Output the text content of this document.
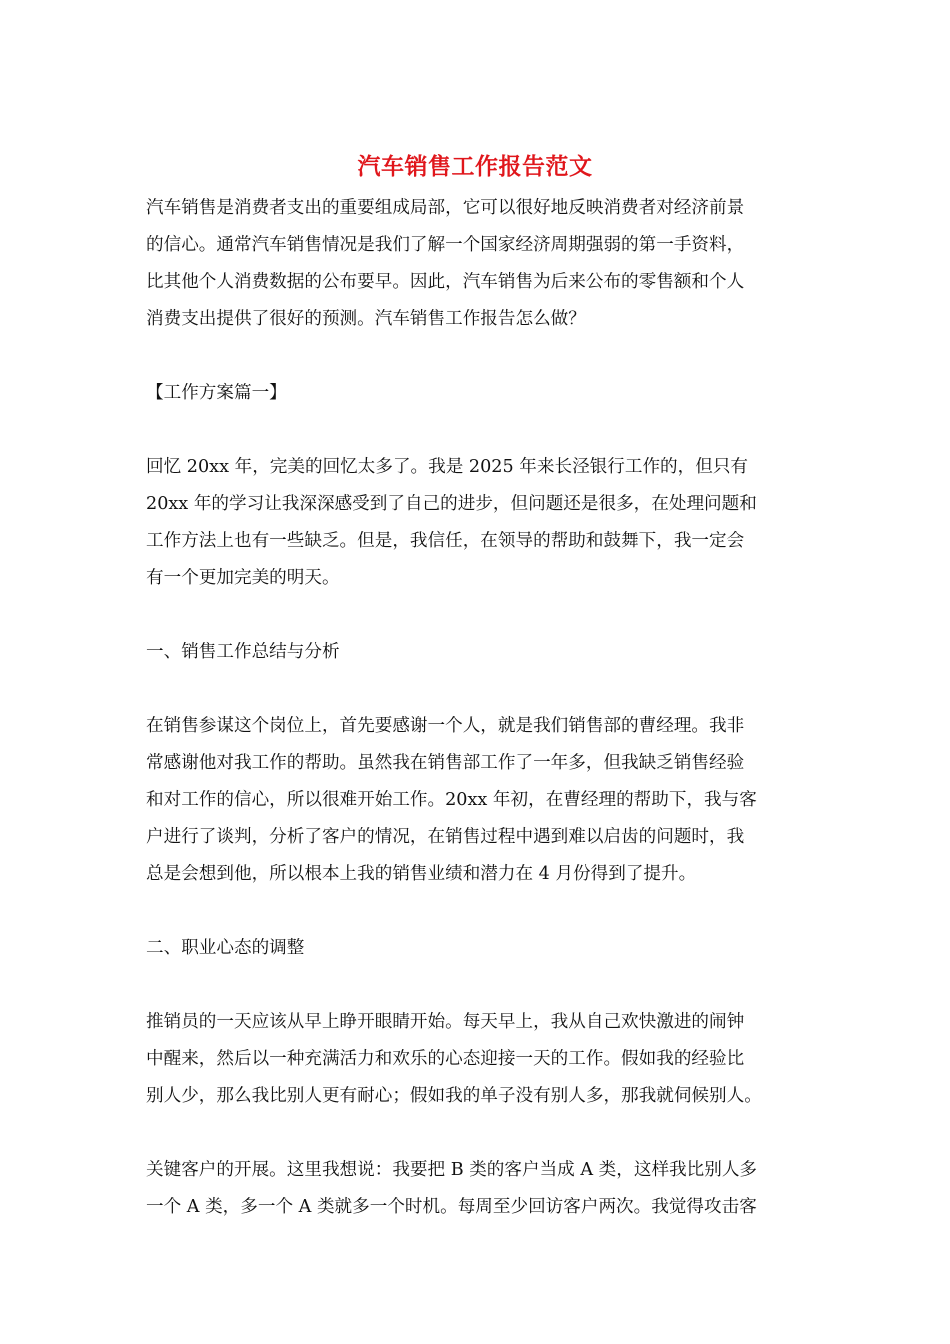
汽车销售工作报告范文
汽车销售是消费者支出的重要组成局部，它可以很好地反映消费者对经济前景
的信心。通常汽车销售情况是我们了解一个国家经济周期强弱的第一手资料，
比其他个人消费数据的公布要早。因此，汽车销售为后来公布的零售额和个人
消费支出提供了很好的预测。汽车销售工作报告怎么做？
【工作方案篇一】
回忆 20xx 年，完美的回忆太多了。我是 2025 年来长泾银行工作的，但只有
20xx 年的学习让我深深感受到了自己的进步，但问题还是很多，在处理问题和
工作方法上也有一些缺乏。但是，我信任，在领导的帮助和鼓舞下，我一定会
有一个更加完美的明天。
一、销售工作总结与分析
在销售参谋这个岗位上，首先要感谢一个人，就是我们销售部的曹经理。我非
常感谢他对我工作的帮助。虽然我在销售部工作了一年多，但我缺乏销售经验
和对工作的信心，所以很难开始工作。20xx 年初，在曹经理的帮助下，我与客
户进行了谈判，分析了客户的情况，在销售过程中遇到难以启齿的问题时，我
总是会想到他，所以根本上我的销售业绩和潜力在 4 月份得到了提升。
二、职业心态的调整
推销员的一天应该从早上睁开眼睛开始。每天早上，我从自己欢快激进的闹钟
中醒来，然后以一种充满活力和欢乐的心态迎接一天的工作。假如我的经验比
别人少，那么我比别人更有耐心；假如我的单子没有别人多，那我就伺候别人。
关键客户的开展。这里我想说：我要把 B 类的客户当成 A 类，这样我比别人多
一个 A 类，多一个 A 类就多一个时机。每周至少回访客户两次。我觉得攻击客
